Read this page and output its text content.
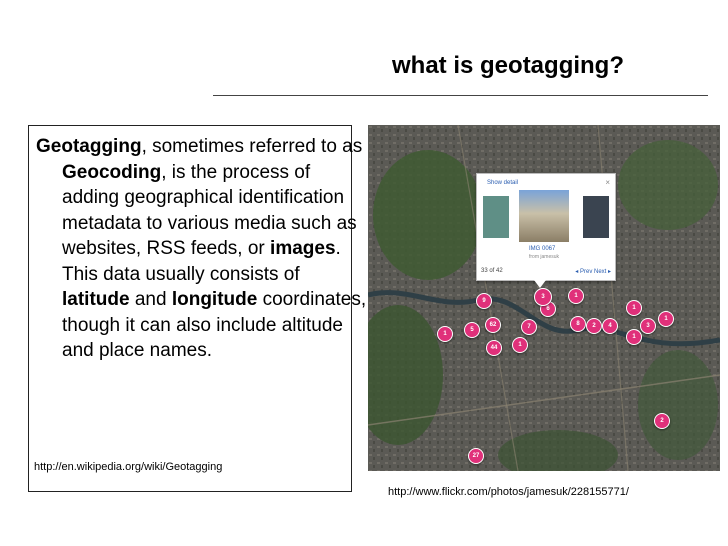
what is geotagging?
Geotagging, sometimes referred to as Geocoding, is the process of adding geographical identification metadata to various media such as websites, RSS feeds, or images. This data usually consists of latitude and longitude coordinates, though it can also include altitude and place names.
http://en.wikipedia.org/wiki/Geotagging
Show detail	×
IMG 0067
from jamesuk
33 of 42	◂ Prev Next ▸
9
6
1
1
1
62	7	8	2	4	3
1
1
5
1
44
2
27
3
http://www.flickr.com/photos/jamesuk/228155771/
